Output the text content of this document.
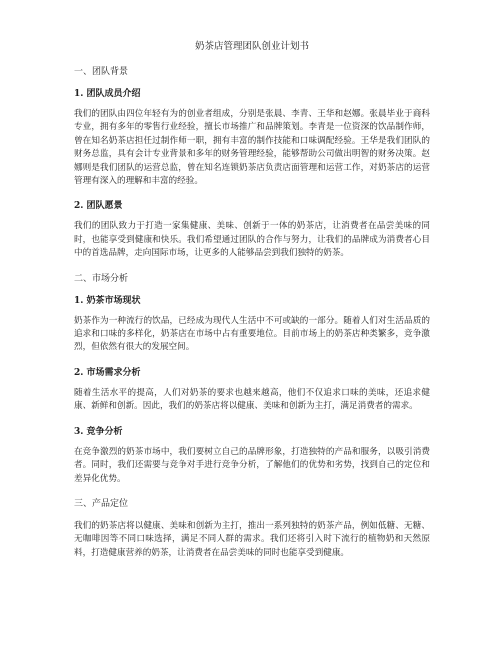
奶茶店管理团队创业计划书
一、团队背景
1. 团队成员介绍

我们的团队由四位年轻有为的创业者组成，分别是张晨、李青、王华和赵娜。张晨毕业于商科专业，拥有多年的零售行业经验，擅长市场推广和品牌策划。李青是一位资深的饮品制作师，曾在知名奶茶店担任过制作师一职，拥有丰富的制作技能和口味调配经验。王华是我们团队的财务总监，具有会计专业背景和多年的财务管理经验，能够帮助公司做出明智的财务决策。赵娜则是我们团队的运营总监，曾在知名连锁奶茶店负责店面管理和运营工作，对奶茶店的运营管理有深入的理解和丰富的经验。

2. 团队愿景

我们的团队致力于打造一家集健康、美味、创新于一体的奶茶店，让消费者在品尝美味的同时，也能享受到健康和快乐。我们希望通过团队的合作与努力，让我们的品牌成为消费者心目中的首选品牌，走向国际市场，让更多的人能够品尝到我们独特的奶茶。

二、市场分析
1. 奶茶市场现状

奶茶作为一种流行的饮品，已经成为现代人生活中不可或缺的一部分。随着人们对生活品质的追求和口味的多样化，奶茶店在市场中占有重要地位。目前市场上的奶茶店种类繁多，竞争激烈，但依然有很大的发展空间。

2. 市场需求分析

随着生活水平的提高，人们对奶茶的要求也越来越高，他们不仅追求口味的美味，还追求健康、新鲜和创新。因此，我们的奶茶店将以健康、美味和创新为主打，满足消费者的需求。

3. 竞争分析

在竞争激烈的奶茶市场中，我们要树立自己的品牌形象，打造独特的产品和服务，以吸引消费者。同时，我们还需要与竞争对手进行竞争分析，了解他们的优势和劣势，找到自己的定位和差异化优势。

三、产品定位

我们的奶茶店将以健康、美味和创新为主打，推出一系列独特的奶茶产品，例如低糖、无糖、无咖啡因等不同口味选择，满足不同人群的需求。我们还将引入时下流行的植物奶和天然原料，打造健康营养的奶茶，让消费者在品尝美味的同时也能享受到健康。
